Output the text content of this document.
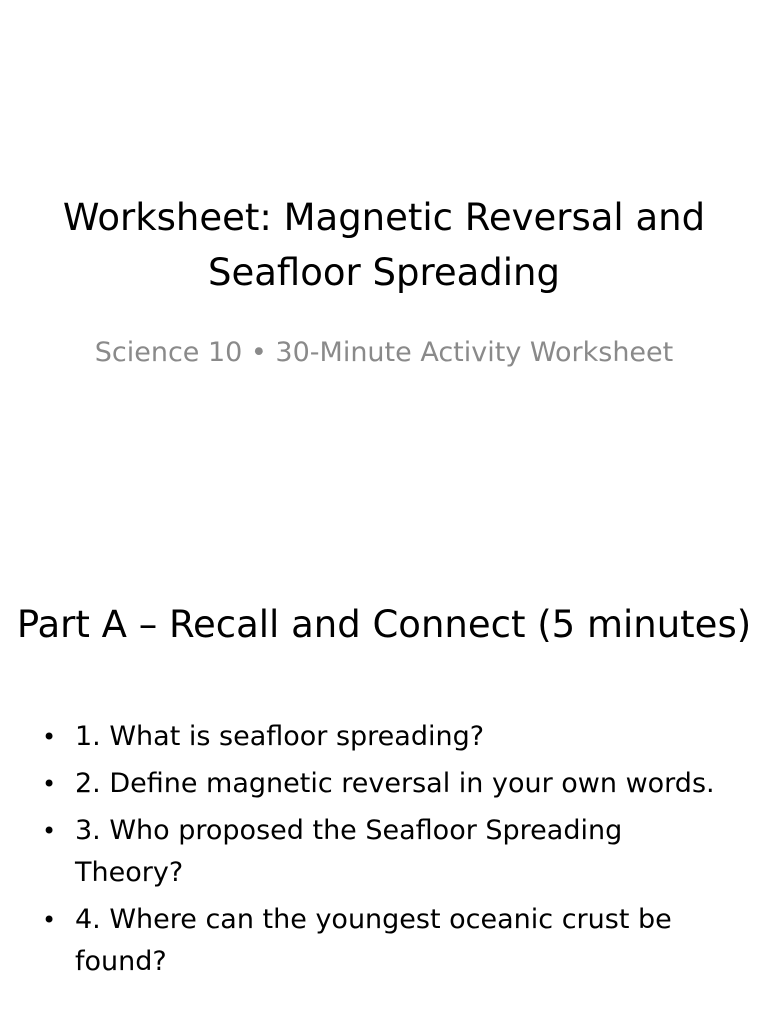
Worksheet: Magnetic Reversal and Seafloor Spreading

Science 10 • 30-Minute Activity Worksheet

Part A – Recall and Connect (5 minutes)
• 1. What is seafloor spreading?
• 2. Define magnetic reversal in your own words.
• 3. Who proposed the Seafloor Spreading Theory?
• 4. Where can the youngest oceanic crust be found?
